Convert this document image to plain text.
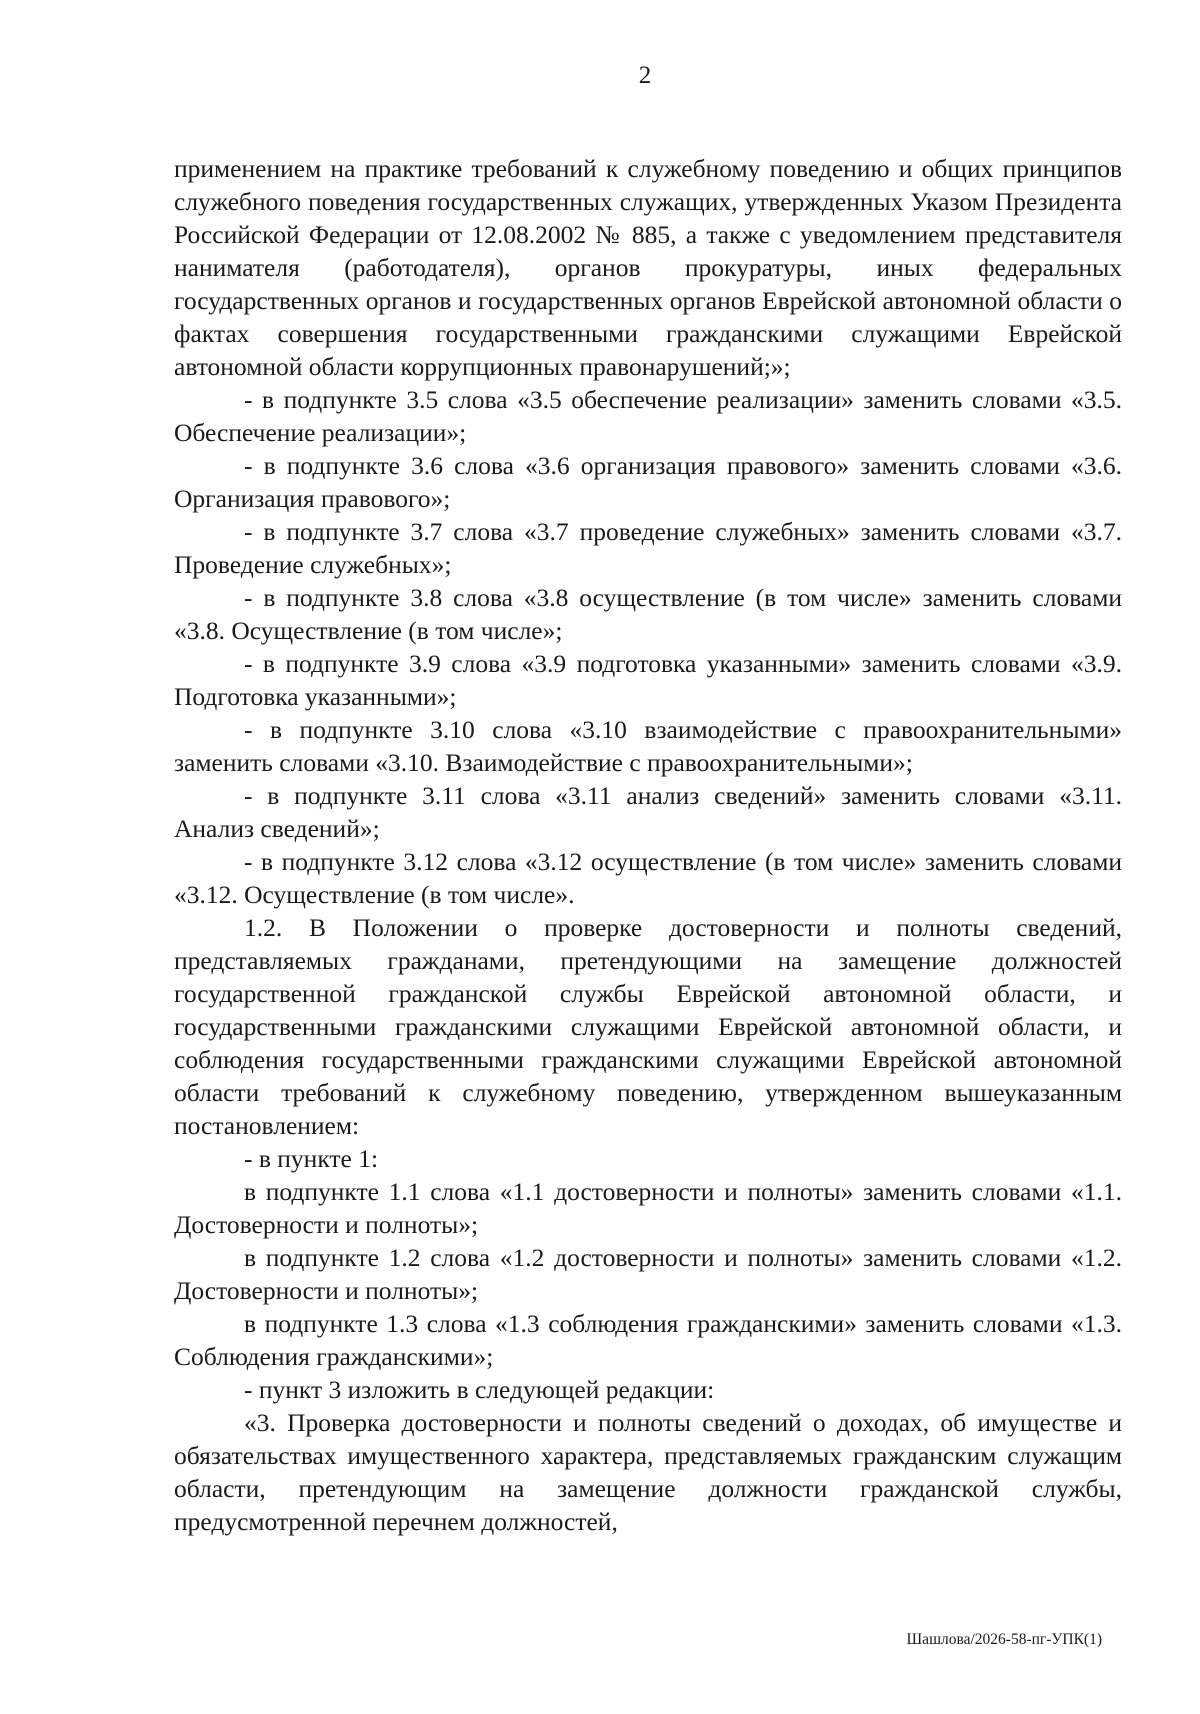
2

применением на практике требований к служебному поведению и общих принципов служебного поведения государственных служащих, утвержденных Указом Президента Российской Федерации от 12.08.2002 № 885, а также с уведомлением представителя нанимателя (работодателя), органов прокуратуры, иных федеральных государственных органов и государственных органов Еврейской автономной области о фактах совершения государственными гражданскими служащими Еврейской автономной области коррупционных правонарушений;»;

- в подпункте 3.5 слова «3.5 обеспечение реализации» заменить словами «3.5. Обеспечение реализации»;

- в подпункте 3.6 слова «3.6 организация правового» заменить словами «3.6. Организация правового»;

- в подпункте 3.7 слова «3.7 проведение служебных» заменить словами «3.7. Проведение служебных»;

- в подпункте 3.8 слова «3.8 осуществление (в том числе» заменить словами «3.8. Осуществление (в том числе»;

- в подпункте 3.9 слова «3.9 подготовка указанными» заменить словами «3.9. Подготовка указанными»;

- в подпункте 3.10 слова «3.10 взаимодействие с правоохранительными» заменить словами «3.10. Взаимодействие с правоохранительными»;

- в подпункте 3.11 слова «3.11 анализ сведений» заменить словами «3.11. Анализ сведений»;

- в подпункте 3.12 слова «3.12 осуществление (в том числе» заменить словами «3.12. Осуществление (в том числе».

1.2. В Положении о проверке достоверности и полноты сведений, представляемых гражданами, претендующими на замещение должностей государственной гражданской службы Еврейской автономной области, и государственными гражданскими служащими Еврейской автономной области, и соблюдения государственными гражданскими служащими Еврейской автономной области требований к служебному поведению, утвержденном вышеуказанным постановлением:

- в пункте 1:

в подпункте 1.1 слова «1.1 достоверности и полноты» заменить словами «1.1. Достоверности и полноты»;

в подпункте 1.2 слова «1.2 достоверности и полноты» заменить словами «1.2. Достоверности и полноты»;

в подпункте 1.3 слова «1.3 соблюдения гражданскими» заменить словами «1.3. Соблюдения гражданскими»;

- пункт 3 изложить в следующей редакции:

«3. Проверка достоверности и полноты сведений о доходах, об имуществе и обязательствах имущественного характера, представляемых гражданским служащим области, претендующим на замещение должности гражданской службы, предусмотренной перечнем должностей,

Шашлова/2026-58-пг-УПК(1)
